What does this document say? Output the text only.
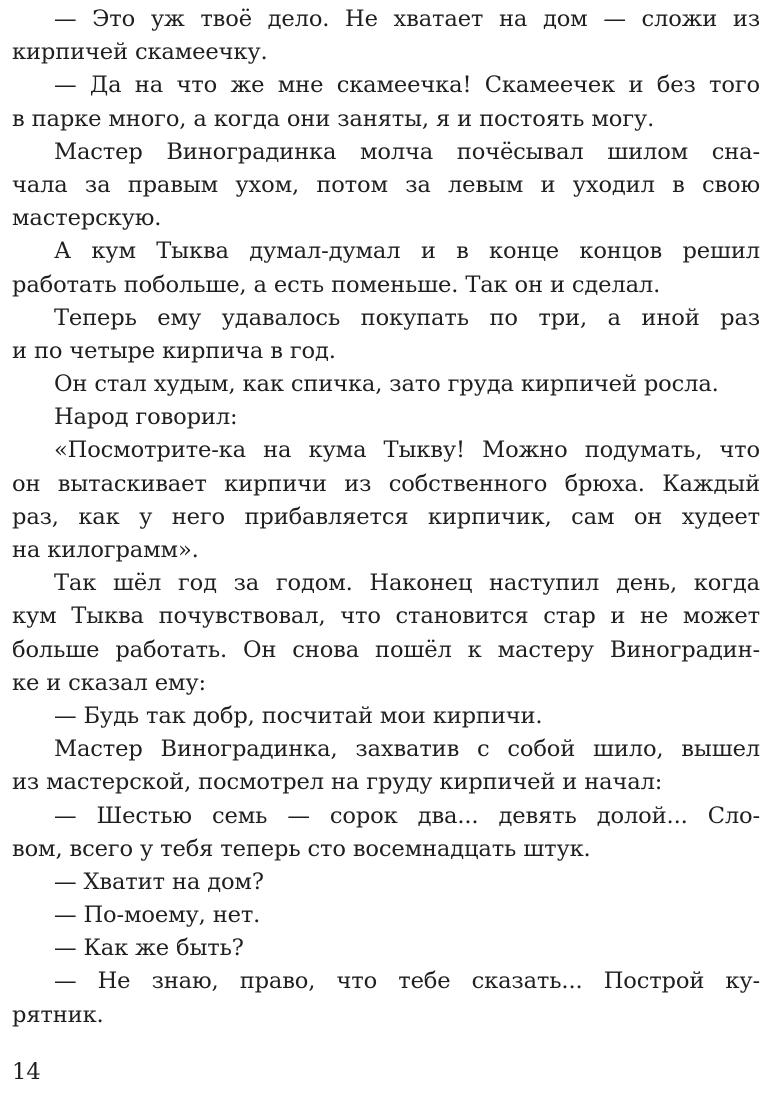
— Это уж твоё дело. Не хватает на дом — сложи из
кирпичей скамеечку.
— Да на что же мне скамеечка! Скамеечек и без того
в парке много, а когда они заняты, я и постоять могу.
Мастер Виноградинка молча почёсывал шилом сна-
чала за правым ухом, потом за левым и уходил в свою
мастерскую.
А кум Тыква думал-думал и в конце концов решил
работать побольше, а есть поменьше. Так он и сделал.
Теперь ему удавалось покупать по три, а иной раз
и по четыре кирпича в год.
Он стал худым, как спичка, зато груда кирпичей росла.
Народ говорил:
«Посмотрите-ка на кума Тыкву! Можно подумать, что
он вытаскивает кирпичи из собственного брюха. Каждый
раз, как у него прибавляется кирпичик, сам он худеет
на килограмм».
Так шёл год за годом. Наконец наступил день, когда
кум Тыква почувствовал, что становится стар и не может
больше работать. Он снова пошёл к мастеру Виноградин-
ке и сказал ему:
— Будь так добр, посчитай мои кирпичи.
Мастер Виноградинка, захватив с собой шило, вышел
из мастерской, посмотрел на груду кирпичей и начал:
— Шестью семь — сорок два... девять долой... Сло-
вом, всего у тебя теперь сто восемнадцать штук.
— Хватит на дом?
— По-моему, нет.
— Как же быть?
— Не знаю, право, что тебе сказать... Построй ку-
рятник.
14
